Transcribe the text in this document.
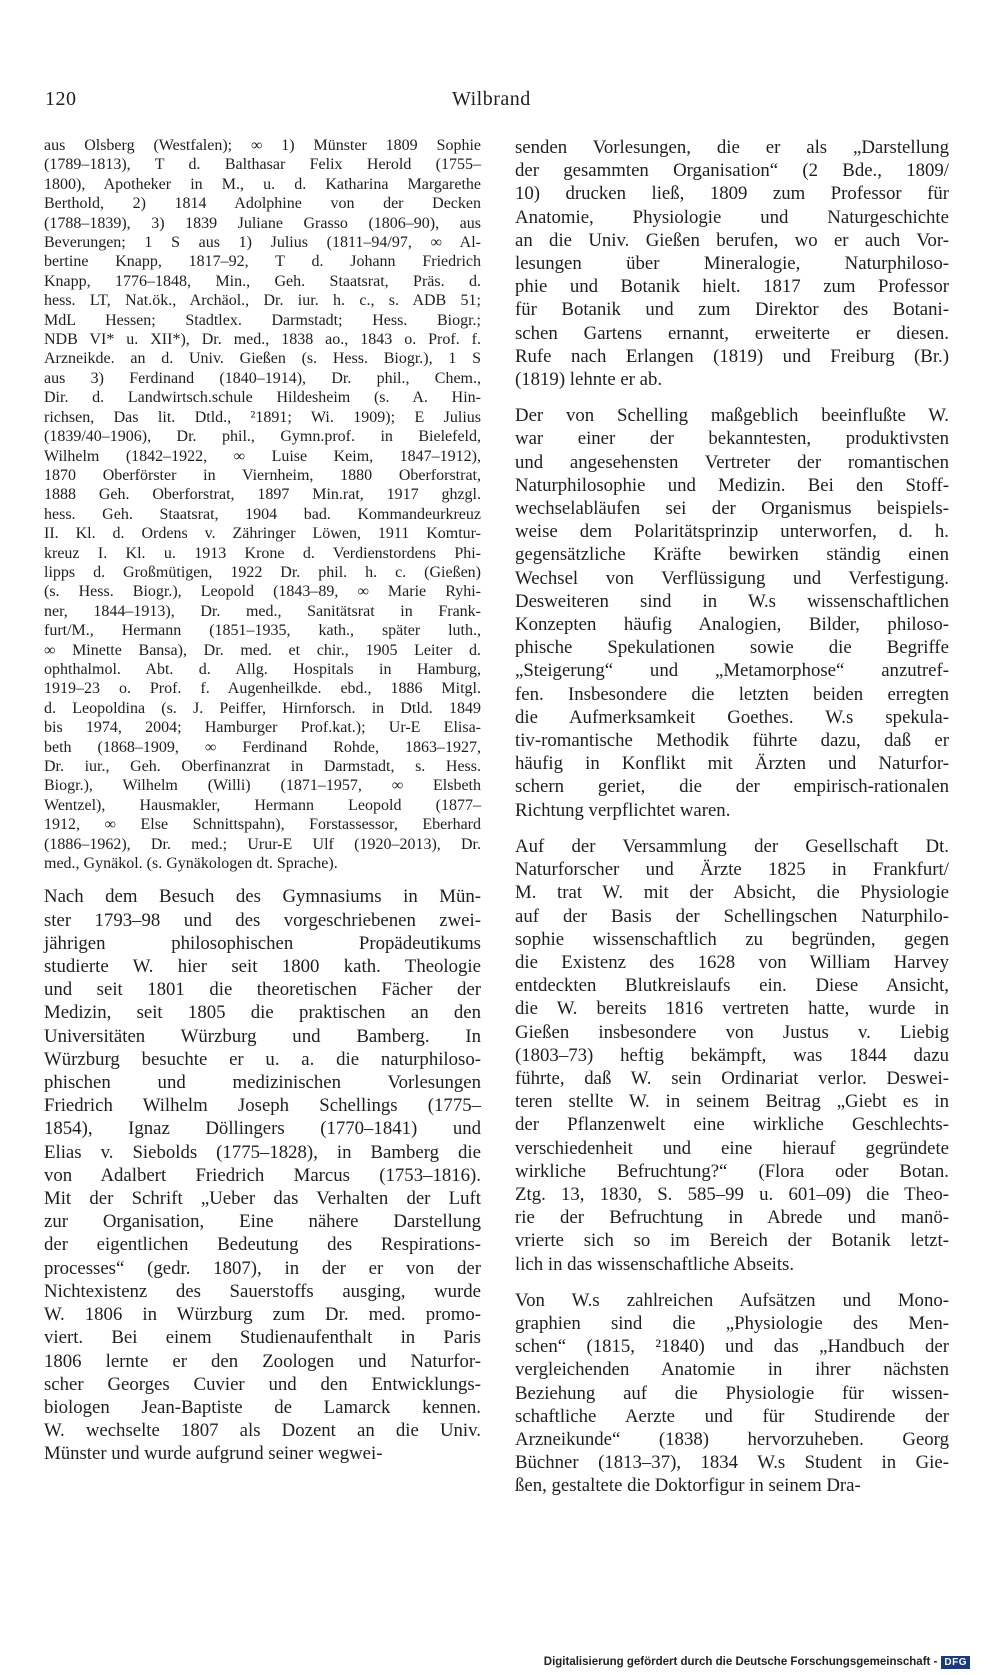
120	Wilbrand

aus Olsberg (Westfalen); ∞ 1) Münster 1809 Sophie
(1789–1813), T d. Balthasar Felix Herold (1755–
1800), Apotheker in M., u. d. Katharina Margarethe
Berthold, 2) 1814 Adolphine von der Decken
(1788–1839), 3) 1839 Juliane Grasso (1806–90), aus
Beverungen; 1 S aus 1) Julius (1811–94/97, ∞ Al-
bertine Knapp, 1817–92, T d. Johann Friedrich
Knapp, 1776–1848, Min., Geh. Staatsrat, Präs. d.
hess. LT, Nat.ök., Archäol., Dr. iur. h. c., s. ADB 51;
MdL Hessen; Stadtlex. Darmstadt; Hess. Biogr.;
NDB VI* u. XII*), Dr. med., 1838 ao., 1843 o. Prof. f.
Arzneikde. an d. Univ. Gießen (s. Hess. Biogr.), 1 S
aus 3) Ferdinand (1840–1914), Dr. phil., Chem.,
Dir. d. Landwirtsch.schule Hildesheim (s. A. Hin-
richsen, Das lit. Dtld., ²1891; Wi. 1909); E Julius
(1839/40–1906), Dr. phil., Gymn.prof. in Bielefeld,
Wilhelm (1842–1922, ∞ Luise Keim, 1847–1912),
1870 Oberförster in Viernheim, 1880 Oberforstrat,
1888 Geh. Oberforstrat, 1897 Min.rat, 1917 ghzgl.
hess. Geh. Staatsrat, 1904 bad. Kommandeurkreuz
II. Kl. d. Ordens v. Zähringer Löwen, 1911 Komtur-
kreuz I. Kl. u. 1913 Krone d. Verdienstordens Phi-
lipps d. Großmütigen, 1922 Dr. phil. h. c. (Gießen)
(s. Hess. Biogr.), Leopold (1843–89, ∞ Marie Ryhi-
ner, 1844–1913), Dr. med., Sanitätsrat in Frank-
furt/M., Hermann (1851–1935, kath., später luth.,
∞ Minette Bansa), Dr. med. et chir., 1905 Leiter d.
ophthalmol. Abt. d. Allg. Hospitals in Hamburg,
1919–23 o. Prof. f. Augenheilkde. ebd., 1886 Mitgl.
d. Leopoldina (s. J. Peiffer, Hirnforsch. in Dtld. 1849
bis 1974, 2004; Hamburger Prof.kat.); Ur-E Elisa-
beth (1868–1909, ∞ Ferdinand Rohde, 1863–1927,
Dr. iur., Geh. Oberfinanzrat in Darmstadt, s. Hess.
Biogr.), Wilhelm (Willi) (1871–1957, ∞ Elsbeth
Wentzel), Hausmakler, Hermann Leopold (1877–
1912, ∞ Else Schnittspahn), Forstassessor, Eberhard
(1886–1962), Dr. med.; Urur-E Ulf (1920–2013), Dr.
med., Gynäkol. (s. Gynäkologen dt. Sprache).

Nach dem Besuch des Gymnasiums in Mün-
ster 1793–98 und des vorgeschriebenen zwei-
jährigen philosophischen Propädeutikums
studierte W. hier seit 1800 kath. Theologie
und seit 1801 die theoretischen Fächer der
Medizin, seit 1805 die praktischen an den
Universitäten Würzburg und Bamberg. In
Würzburg besuchte er u. a. die naturphiloso-
phischen und medizinischen Vorlesungen
Friedrich Wilhelm Joseph Schellings (1775–
1854), Ignaz Döllingers (1770–1841) und
Elias v. Siebolds (1775–1828), in Bamberg die
von Adalbert Friedrich Marcus (1753–1816).
Mit der Schrift „Ueber das Verhalten der Luft
zur Organisation, Eine nähere Darstellung
der eigentlichen Bedeutung des Respirations-
processes“ (gedr. 1807), in der er von der
Nichtexistenz des Sauerstoffs ausging, wurde
W. 1806 in Würzburg zum Dr. med. promo-
viert. Bei einem Studienaufenthalt in Paris
1806 lernte er den Zoologen und Naturfor-
scher Georges Cuvier und den Entwicklungs-
biologen Jean-Baptiste de Lamarck kennen.
W. wechselte 1807 als Dozent an die Univ.
Münster und wurde aufgrund seiner wegwei-

senden Vorlesungen, die er als „Darstellung
der gesammten Organisation“ (2 Bde., 1809/
10) drucken ließ, 1809 zum Professor für
Anatomie, Physiologie und Naturgeschichte
an die Univ. Gießen berufen, wo er auch Vor-
lesungen über Mineralogie, Naturphiloso-
phie und Botanik hielt. 1817 zum Professor
für Botanik und zum Direktor des Botani-
schen Gartens ernannt, erweiterte er diesen.
Rufe nach Erlangen (1819) und Freiburg (Br.)
(1819) lehnte er ab.

Der von Schelling maßgeblich beeinflußte W.
war einer der bekanntesten, produktivsten
und angesehensten Vertreter der romantischen
Naturphilosophie und Medizin. Bei den Stoff-
wechselabläufen sei der Organismus beispiels-
weise dem Polaritätsprinzip unterworfen, d. h.
gegensätzliche Kräfte bewirken ständig einen
Wechsel von Verflüssigung und Verfestigung.
Desweiteren sind in W.s wissenschaftlichen
Konzepten häufig Analogien, Bilder, philoso-
phische Spekulationen sowie die Begriffe
„Steigerung“ und „Metamorphose“ anzutref-
fen. Insbesondere die letzten beiden erregten
die Aufmerksamkeit Goethes. W.s spekula-
tiv-romantische Methodik führte dazu, daß er
häufig in Konflikt mit Ärzten und Naturfor-
schern geriet, die der empirisch-rationalen
Richtung verpflichtet waren.

Auf der Versammlung der Gesellschaft Dt.
Naturforscher und Ärzte 1825 in Frankfurt/
M. trat W. mit der Absicht, die Physiologie
auf der Basis der Schellingschen Naturphilo-
sophie wissenschaftlich zu begründen, gegen
die Existenz des 1628 von William Harvey
entdeckten Blutkreislaufs ein. Diese Ansicht,
die W. bereits 1816 vertreten hatte, wurde in
Gießen insbesondere von Justus v. Liebig
(1803–73) heftig bekämpft, was 1844 dazu
führte, daß W. sein Ordinariat verlor. Deswei-
teren stellte W. in seinem Beitrag „Giebt es in
der Pflanzenwelt eine wirkliche Geschlechts-
verschiedenheit und eine hierauf gegründete
wirkliche Befruchtung?“ (Flora oder Botan.
Ztg. 13, 1830, S. 585–99 u. 601–09) die Theo-
rie der Befruchtung in Abrede und manö-
vrierte sich so im Bereich der Botanik letzt-
lich in das wissenschaftliche Abseits.

Von W.s zahlreichen Aufsätzen und Mono-
graphien sind die „Physiologie des Men-
schen“ (1815, ²1840) und das „Handbuch der
vergleichenden Anatomie in ihrer nächsten
Beziehung auf die Physiologie für wissen-
schaftliche Aerzte und für Studirende der
Arzneikunde“ (1838) hervorzuheben. Georg
Büchner (1813–37), 1834 W.s Student in Gie-
ßen, gestaltete die Doktorfigur in seinem Dra-

Digitalisierung gefördert durch die Deutsche Forschungsgemeinschaft - DFG
